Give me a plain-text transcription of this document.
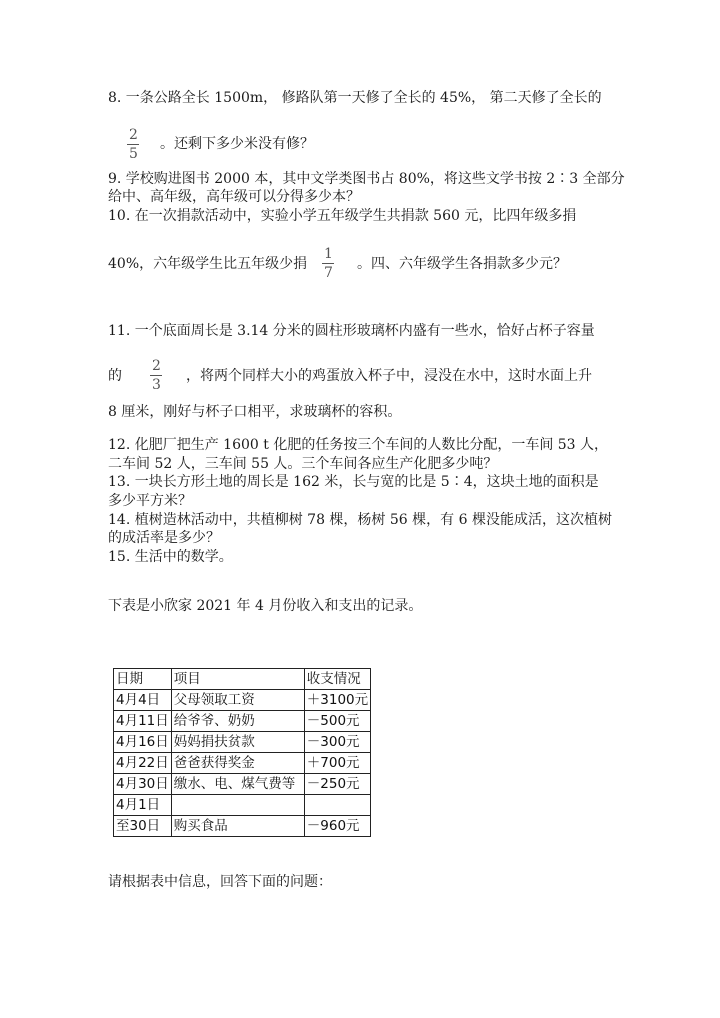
8. 一条公路全长 1500m， 修路队第一天修了全长的 45%， 第二天修了全长的
2
5
。还剩下多少米没有修？
9. 学校购进图书 2000 本，其中文学类图书占 80%，将这些文学书按 2∶3 全部分
给中、高年级，高年级可以分得多少本？
10. 在一次捐款活动中，实验小学五年级学生共捐款 560 元，比四年级多捐
40%，六年级学生比五年级少捐
1
7
。四、六年级学生各捐款多少元？
11. 一个底面周长是 3.14 分米的圆柱形玻璃杯内盛有一些水，恰好占杯子容量
的
2
3
，将两个同样大小的鸡蛋放入杯子中，浸没在水中，这时水面上升
8 厘米，刚好与杯子口相平，求玻璃杯的容积。
12. 化肥厂把生产 1600 t 化肥的任务按三个车间的人数比分配，一车间 53 人，
二车间 52 人，三车间 55 人。三个车间各应生产化肥多少吨？
13. 一块长方形土地的周长是 162 米，长与宽的比是 5∶4，这块土地的面积是
多少平方米？
14. 植树造林活动中，共植柳树 78 棵，杨树 56 棵，有 6 棵没能成活，这次植树
的成活率是多少？
15. 生活中的数学。
下表是小欣家 2021 年 4 月份收入和支出的记录。
日期	项目	收支情况
4月4日	父母领取工资	＋3100元
4月11日	给爷爷、奶奶	－500元
4月16日	妈妈捐扶贫款	－300元
4月22日	爸爸获得奖金	＋700元
4月30日	缴水、电、煤气费等	－250元
4月1日		
至30日	购买食品	－960元
请根据表中信息，回答下面的问题：
